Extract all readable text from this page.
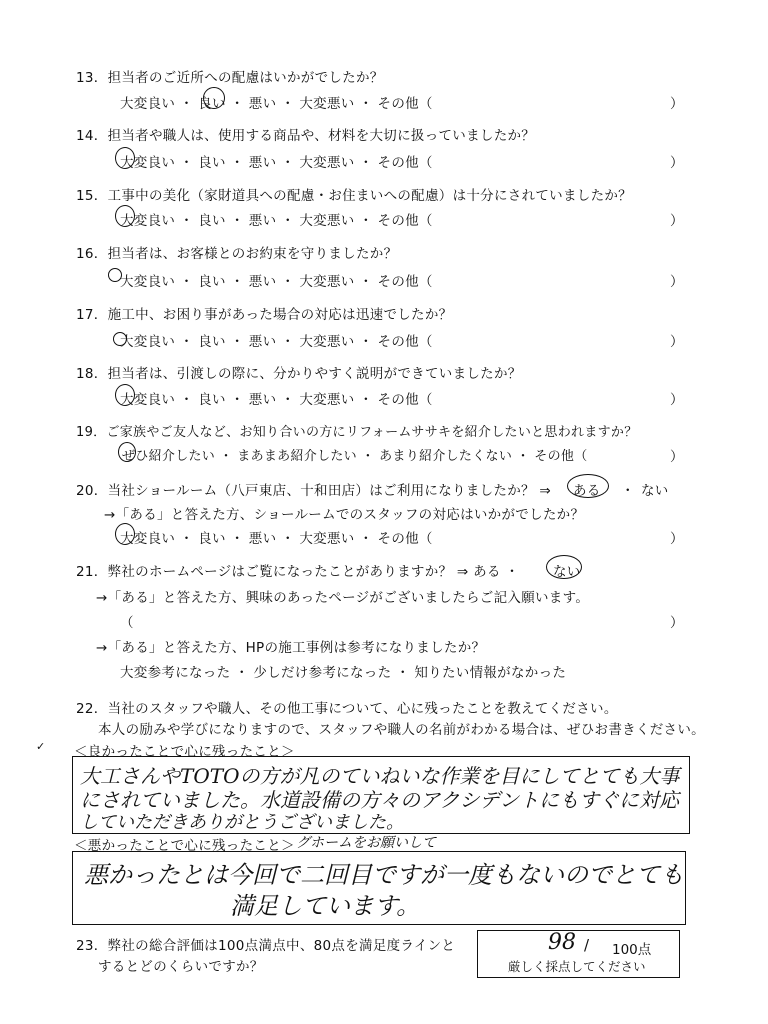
13．担当者のご近所への配慮はいかがでしたか？
大変良い ・ 良い ・ 悪い ・ 大変悪い ・ その他（	）
14．担当者や職人は、使用する商品や、材料を大切に扱っていましたか？
大変良い ・ 良い ・ 悪い ・ 大変悪い ・ その他（	）
15．工事中の美化（家財道具への配慮・お住まいへの配慮）は十分にされていましたか？
大変良い ・ 良い ・ 悪い ・ 大変悪い ・ その他（	）
16．担当者は、お客様とのお約束を守りましたか？
大変良い ・ 良い ・ 悪い ・ 大変悪い ・ その他（	）
17．施工中、お困り事があった場合の対応は迅速でしたか？
大変良い ・ 良い ・ 悪い ・ 大変悪い ・ その他（	）
18．担当者は、引渡しの際に、分かりやすく説明ができていましたか？
大変良い ・ 良い ・ 悪い ・ 大変悪い ・ その他（	）
19．ご家族やご友人など、お知り合いの方にリフォームササキを紹介したいと思われますか？
ぜひ紹介したい ・ まあまあ紹介したい ・ あまり紹介したくない ・ その他（	）
20．当社ショールーム（八戸東店、十和田店）はご利用になりましたか？ ⇒ ある ・ ない
→「ある」と答えた方、ショールームでのスタッフの対応はいかがでしたか？
大変良い ・ 良い ・ 悪い ・ 大変悪い ・ その他（	）
21．弊社のホームページはご覧になったことがありますか？ ⇒ ある ・	ない
→「ある」と答えた方、興味のあったページがございましたらご記入願います。
（	）
→「ある」と答えた方、HPの施工事例は参考になりましたか？
大変参考になった ・ 少しだけ参考になった ・ 知りたい情報がなかった
22．当社のスタッフや職人、その他工事について、心に残ったことを教えてください。
本人の励みや学びになりますので、スタッフや職人の名前がわかる場合は、ぜひお書きください。
✓ ＜良かったことで心に残ったこと＞
大工さんやTOTOの方が凡のていねいな作業を目にしてとても大事
にされていました。水道設備の方々のアクシデントにもすぐに対応
していただきありがとうございました。
＜悪かったことで心に残ったこと＞ グホームをお願いして
悪かったとは今回で二回目ですが一度もないのでとても
満足しています。
23．弊社の総合評価は100点満点中、80点を満足度ラインと
するとどのくらいですか？
98 / 100点
厳しく採点してください
